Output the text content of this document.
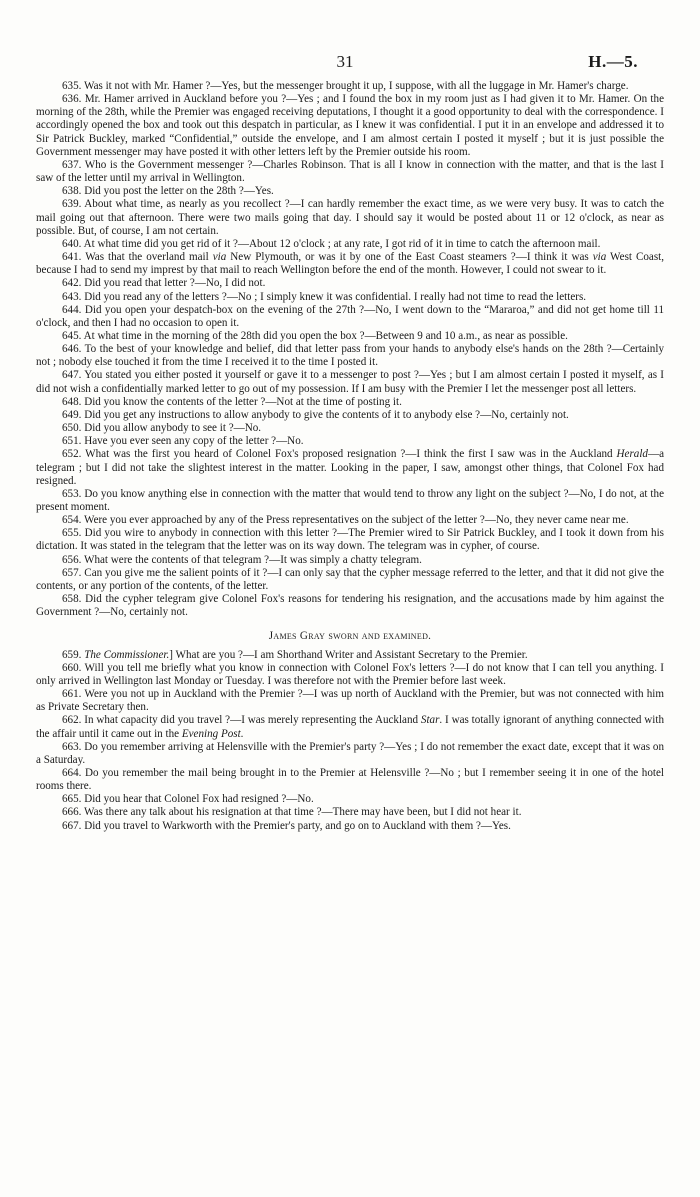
31	H.—5.

635. Was it not with Mr. Hamer ?—Yes, but the messenger brought it up, I suppose, with all the luggage in Mr. Hamer's charge.

636. Mr. Hamer arrived in Auckland before you ?—Yes ; and I found the box in my room just as I had given it to Mr. Hamer. On the morning of the 28th, while the Premier was engaged receiving deputations, I thought it a good opportunity to deal with the correspondence. I accordingly opened the box and took out this despatch in particular, as I knew it was confidential. I put it in an envelope and addressed it to Sir Patrick Buckley, marked “Confidential,” outside the envelope, and I am almost certain I posted it myself ; but it is just possible the Government messenger may have posted it with other letters left by the Premier outside his room.

637. Who is the Government messenger ?—Charles Robinson. That is all I know in connection with the matter, and that is the last I saw of the letter until my arrival in Wellington.

638. Did you post the letter on the 28th ?—Yes.

639. About what time, as nearly as you recollect ?—I can hardly remember the exact time, as we were very busy. It was to catch the mail going out that afternoon. There were two mails going that day. I should say it would be posted about 11 or 12 o'clock, as near as possible. But, of course, I am not certain.

640. At what time did you get rid of it ?—About 12 o'clock ; at any rate, I got rid of it in time to catch the afternoon mail.

641. Was that the overland mail via New Plymouth, or was it by one of the East Coast steamers ?—I think it was via West Coast, because I had to send my imprest by that mail to reach Wellington before the end of the month. However, I could not swear to it.

642. Did you read that letter ?—No, I did not.

643. Did you read any of the letters ?—No ; I simply knew it was confidential. I really had not time to read the letters.

644. Did you open your despatch-box on the evening of the 27th ?—No, I went down to the “Mararoa,” and did not get home till 11 o'clock, and then I had no occasion to open it.

645. At what time in the morning of the 28th did you open the box ?—Between 9 and 10 a.m., as near as possible.

646. To the best of your knowledge and belief, did that letter pass from your hands to anybody else's hands on the 28th ?—Certainly not ; nobody else touched it from the time I received it to the time I posted it.

647. You stated you either posted it yourself or gave it to a messenger to post ?—Yes ; but I am almost certain I posted it myself, as I did not wish a confidentially marked letter to go out of my possession. If I am busy with the Premier I let the messenger post all letters.

648. Did you know the contents of the letter ?—Not at the time of posting it.

649. Did you get any instructions to allow anybody to give the contents of it to anybody else ?—No, certainly not.

650. Did you allow anybody to see it ?—No.

651. Have you ever seen any copy of the letter ?—No.

652. What was the first you heard of Colonel Fox's proposed resignation ?—I think the first I saw was in the Auckland Herald—a telegram ; but I did not take the slightest interest in the matter. Looking in the paper, I saw, amongst other things, that Colonel Fox had resigned.

653. Do you know anything else in connection with the matter that would tend to throw any light on the subject ?—No, I do not, at the present moment.

654. Were you ever approached by any of the Press representatives on the subject of the letter ?—No, they never came near me.

655. Did you wire to anybody in connection with this letter ?—The Premier wired to Sir Patrick Buckley, and I took it down from his dictation. It was stated in the telegram that the letter was on its way down. The telegram was in cypher, of course.

656. What were the contents of that telegram ?—It was simply a chatty telegram.

657. Can you give me the salient points of it ?—I can only say that the cypher message referred to the letter, and that it did not give the contents, or any portion of the contents, of the letter.

658. Did the cypher telegram give Colonel Fox's reasons for tendering his resignation, and the accusations made by him against the Government ?—No, certainly not.

James Gray sworn and examined.

659. The Commissioner.] What are you ?—I am Shorthand Writer and Assistant Secretary to the Premier.

660. Will you tell me briefly what you know in connection with Colonel Fox's letters ?—I do not know that I can tell you anything. I only arrived in Wellington last Monday or Tuesday. I was therefore not with the Premier before last week.

661. Were you not up in Auckland with the Premier ?—I was up north of Auckland with the Premier, but was not connected with him as Private Secretary then.

662. In what capacity did you travel ?—I was merely representing the Auckland Star. I was totally ignorant of anything connected with the affair until it came out in the Evening Post.

663. Do you remember arriving at Helensville with the Premier's party ?—Yes ; I do not remember the exact date, except that it was on a Saturday.

664. Do you remember the mail being brought in to the Premier at Helensville ?—No ; but I remember seeing it in one of the hotel rooms there.

665. Did you hear that Colonel Fox had resigned ?—No.

666. Was there any talk about his resignation at that time ?—There may have been, but I did not hear it.

667. Did you travel to Warkworth with the Premier's party, and go on to Auckland with them ?—Yes.
